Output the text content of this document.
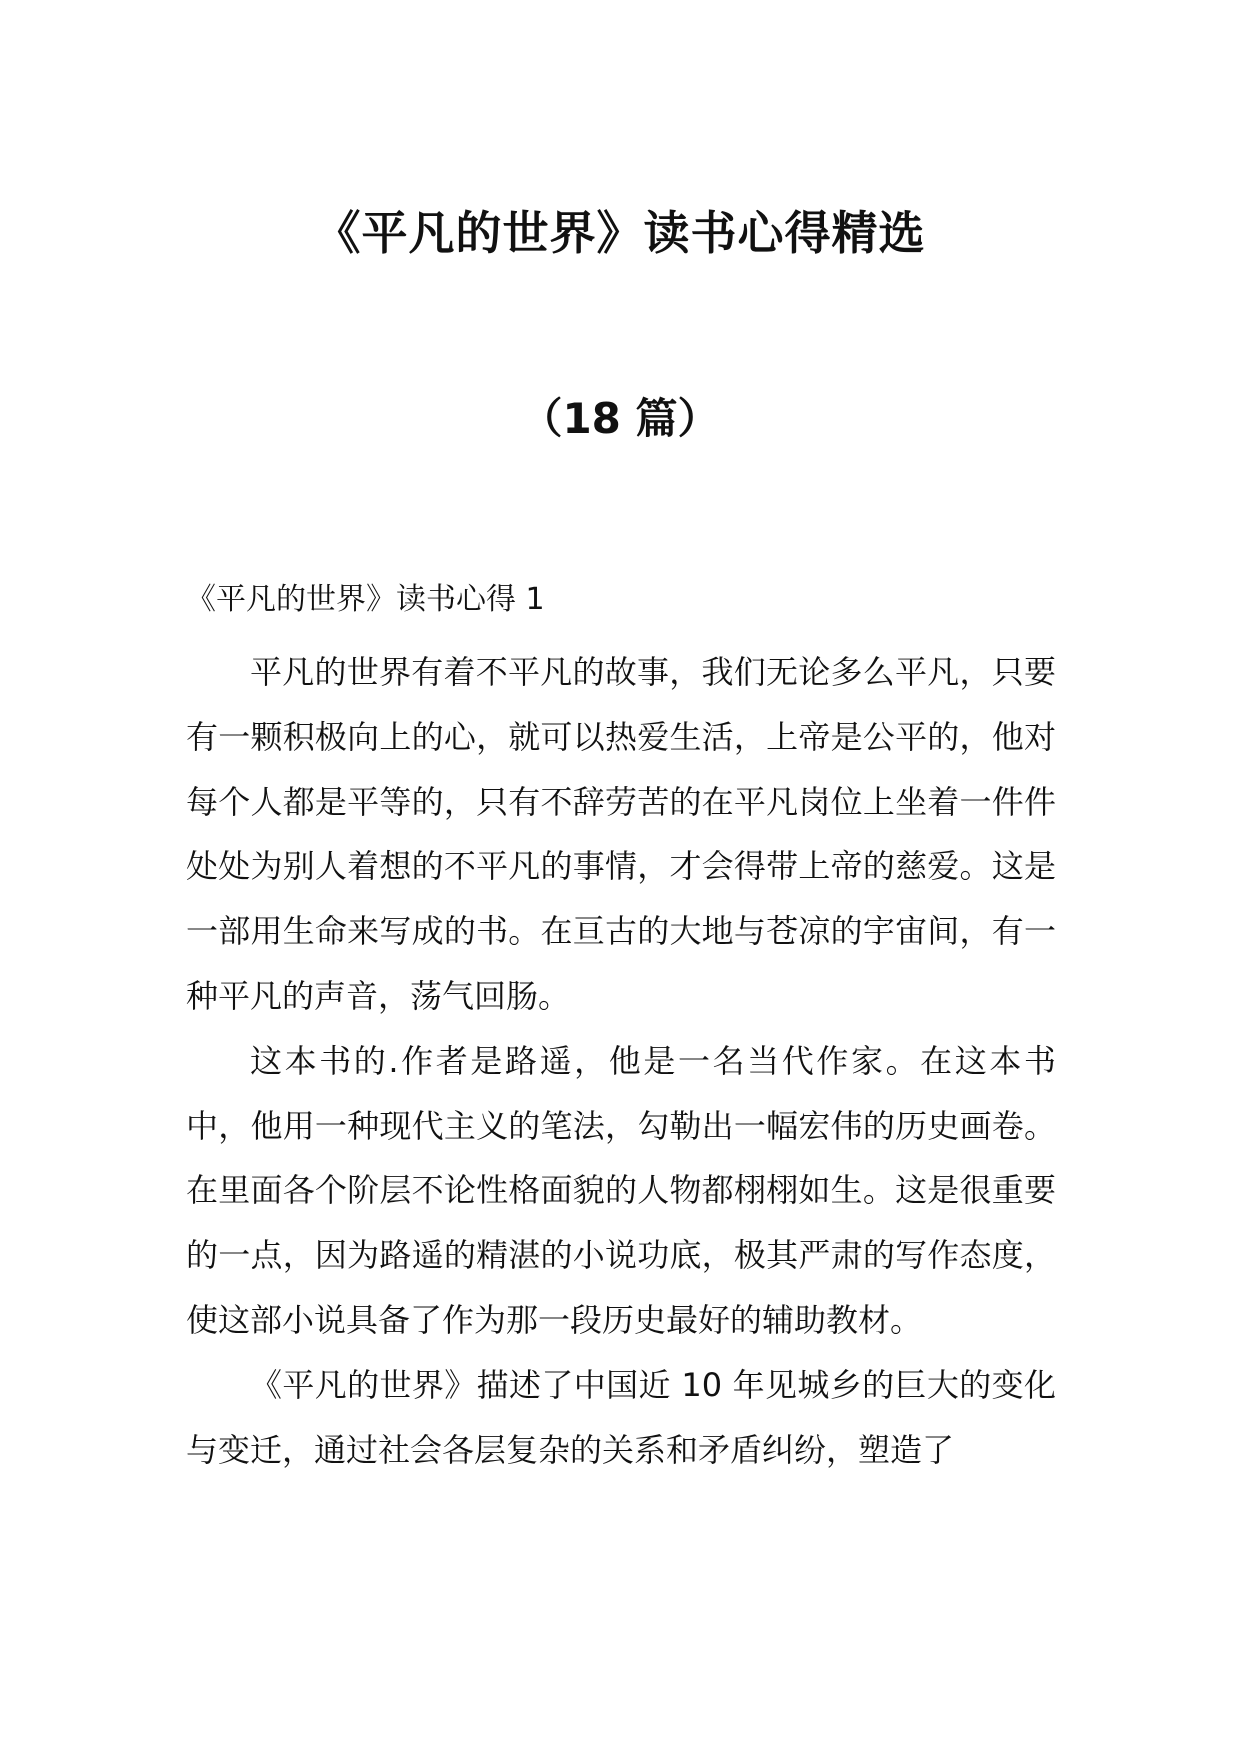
《平凡的世界》读书心得精选
（18 篇）
《平凡的世界》读书心得 1

平凡的世界有着不平凡的故事，我们无论多么平凡，只要有一颗积极向上的心，就可以热爱生活，上帝是公平的，他对每个人都是平等的，只有不辞劳苦的在平凡岗位上坐着一件件处处为别人着想的不平凡的事情，才会得带上帝的慈爱。这是一部用生命来写成的书。在亘古的大地与苍凉的宇宙间，有一种平凡的声音，荡气回肠。

这本书的.作者是路遥，他是一名当代作家。在这本书中，他用一种现代主义的笔法，勾勒出一幅宏伟的历史画卷。在里面各个阶层不论性格面貌的人物都栩栩如生。这是很重要的一点，因为路遥的精湛的小说功底，极其严肃的写作态度，使这部小说具备了作为那一段历史最好的辅助教材。

《平凡的世界》描述了中国近 10 年见城乡的巨大的变化与变迁，通过社会各层复杂的关系和矛盾纠纷，塑造了
